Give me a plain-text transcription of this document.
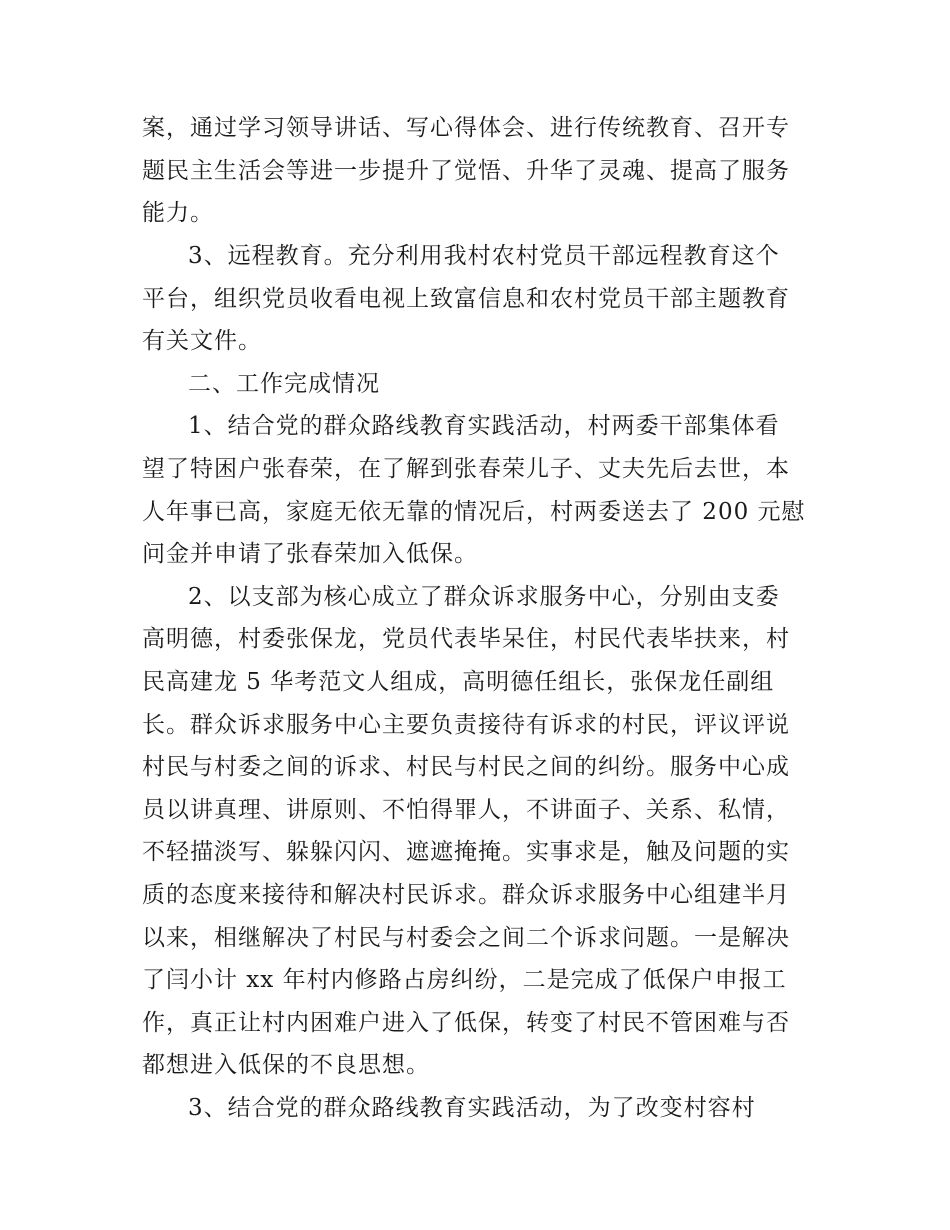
案，通过学习领导讲话、写心得体会、进行传统教育、召开专
题民主生活会等进一步提升了觉悟、升华了灵魂、提高了服务
能力。
3、远程教育。充分利用我村农村党员干部远程教育这个
平台，组织党员收看电视上致富信息和农村党员干部主题教育
有关文件。
二、工作完成情况
1、结合党的群众路线教育实践活动，村两委干部集体看
望了特困户张春荣，在了解到张春荣儿子、丈夫先后去世，本
人年事已高，家庭无依无靠的情况后，村两委送去了 200 元慰
问金并申请了张春荣加入低保。
2、以支部为核心成立了群众诉求服务中心，分别由支委
高明德，村委张保龙，党员代表毕呆住，村民代表毕扶来，村
民高建龙 5 华考范文人组成，高明德任组长，张保龙任副组
长。群众诉求服务中心主要负责接待有诉求的村民，评议评说
村民与村委之间的诉求、村民与村民之间的纠纷。服务中心成
员以讲真理、讲原则、不怕得罪人，不讲面子、关系、私情，
不轻描淡写、躲躲闪闪、遮遮掩掩。实事求是，触及问题的实
质的态度来接待和解决村民诉求。群众诉求服务中心组建半月
以来，相继解决了村民与村委会之间二个诉求问题。一是解决
了闫小计 xx 年村内修路占房纠纷，二是完成了低保户申报工
作，真正让村内困难户进入了低保，转变了村民不管困难与否
都想进入低保的不良思想。
3、结合党的群众路线教育实践活动，为了改变村容村
